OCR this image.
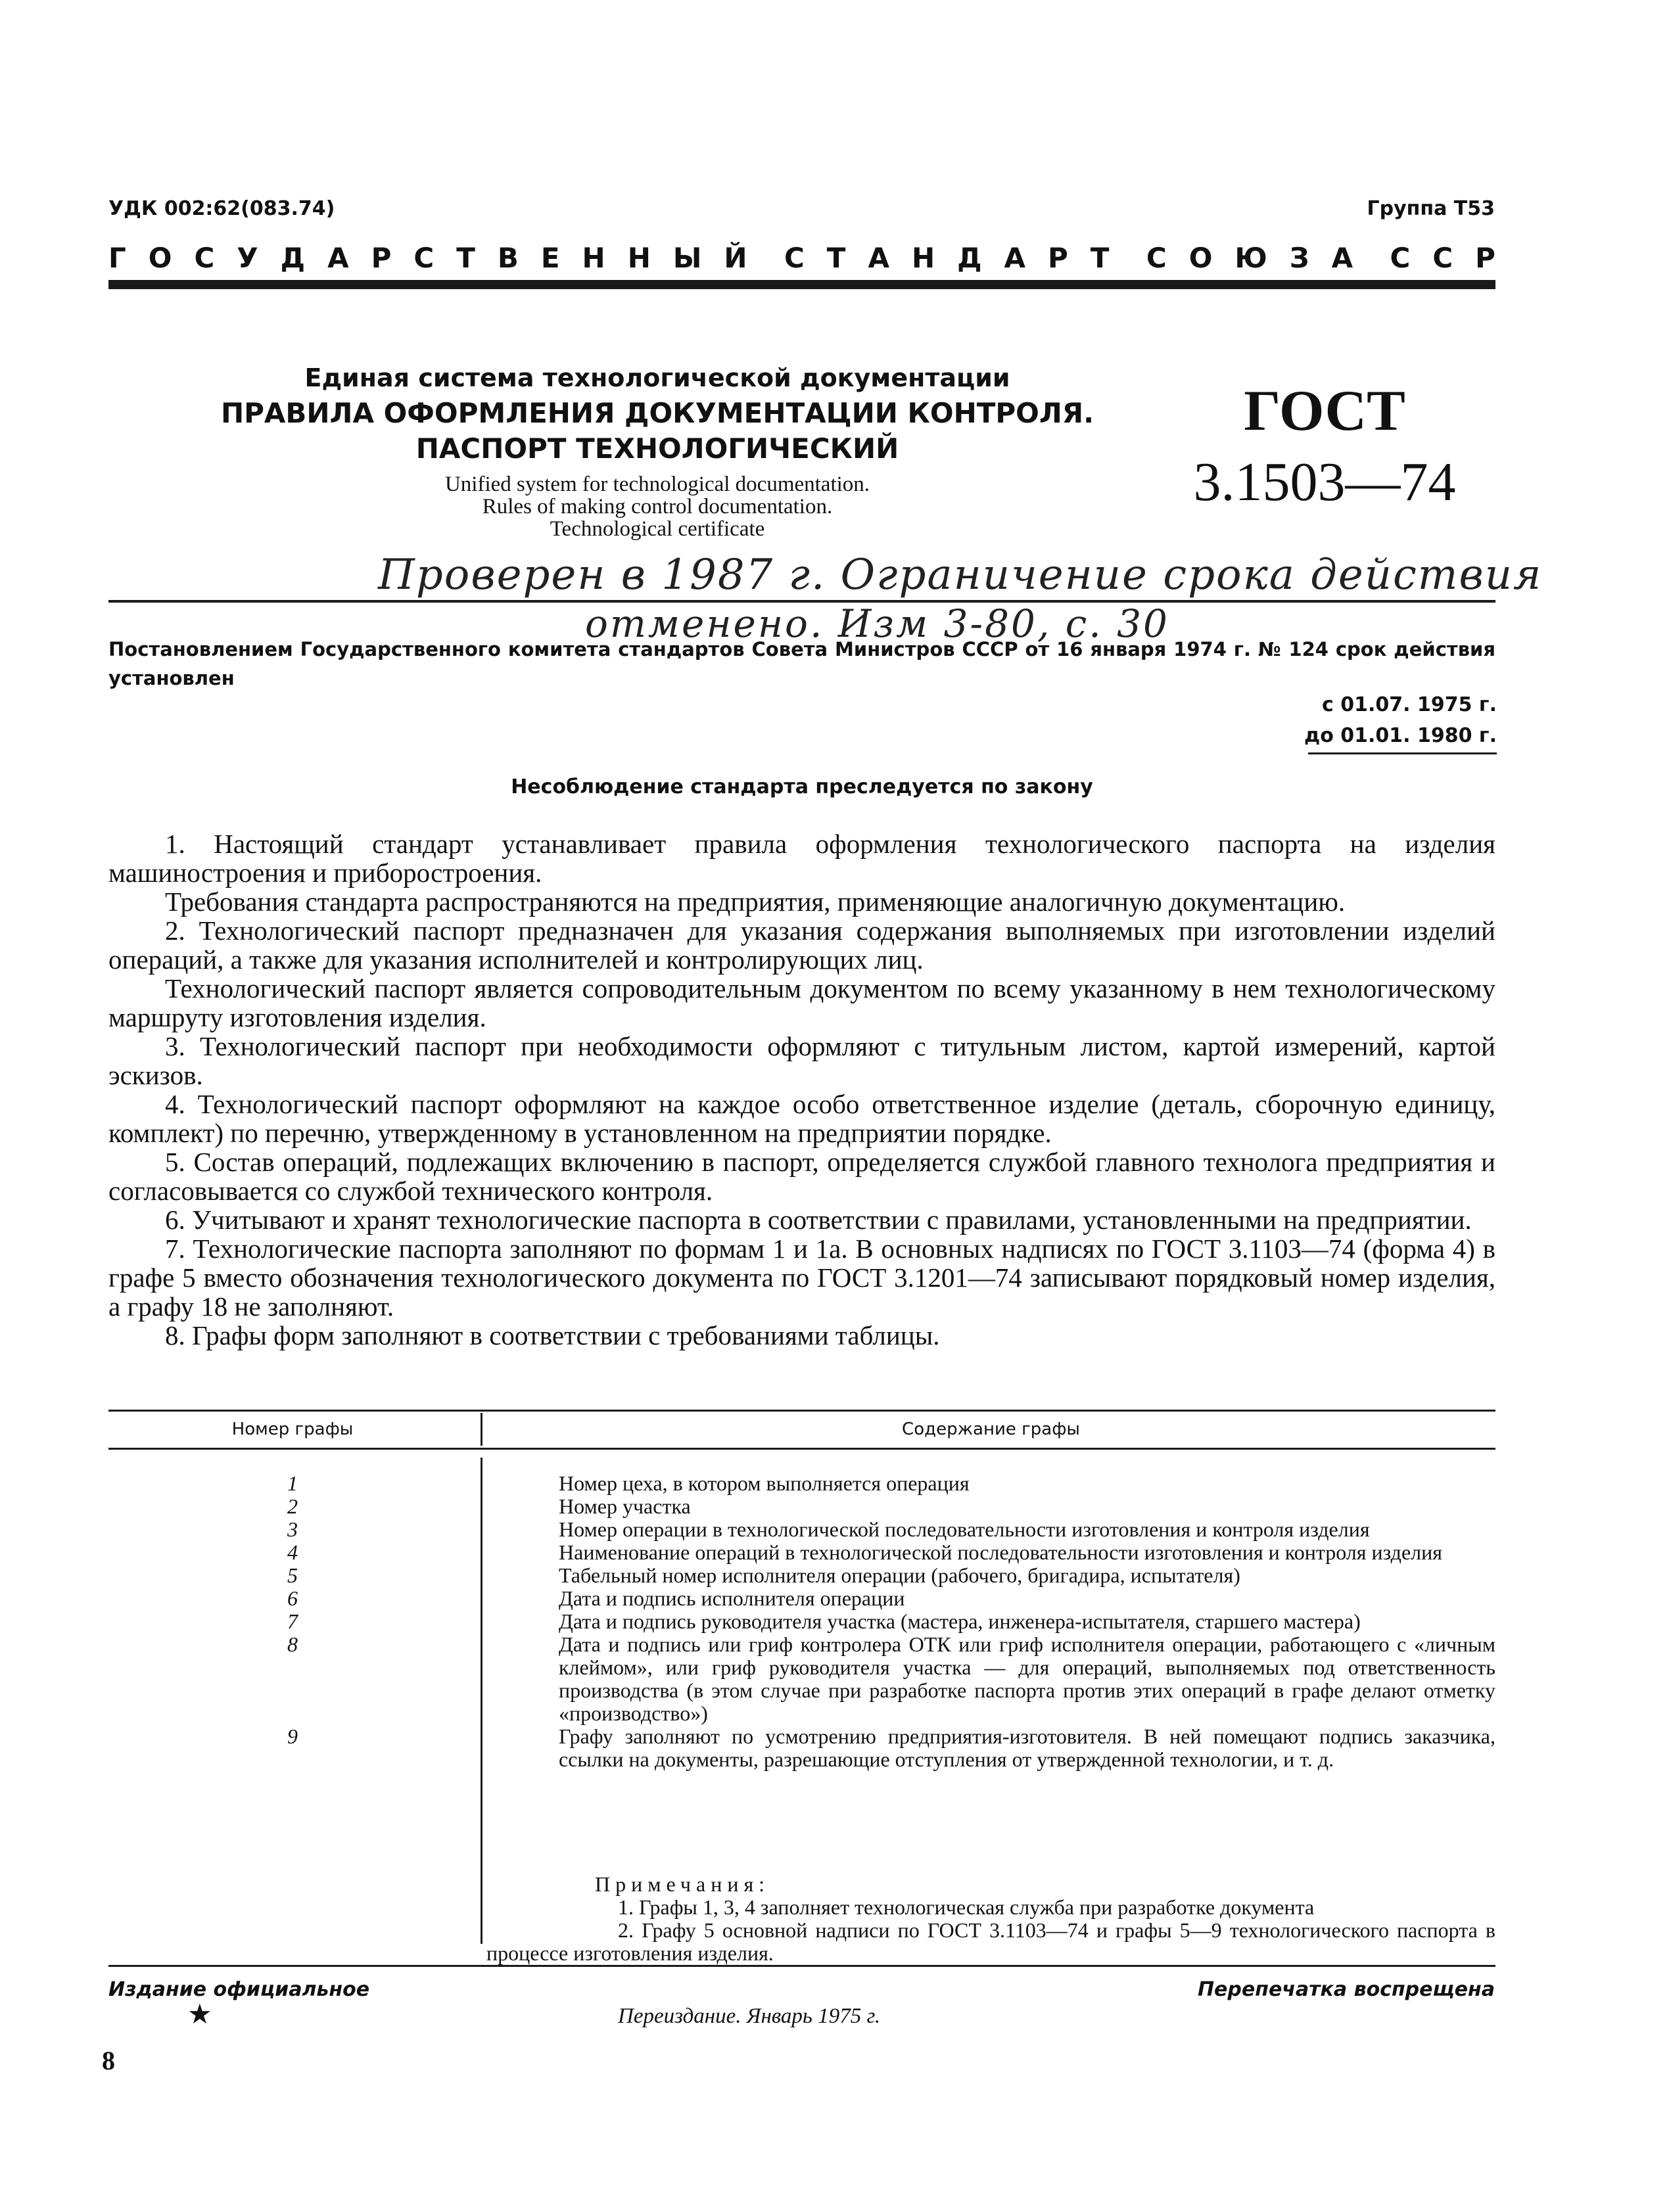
УДК 002:62(083.74)	Группа Т53
ГОСУДАРСТВЕННЫЙ СТАНДАРТ СОЮЗА ССР
Единая система технологической документации
ПРАВИЛА ОФОРМЛЕНИЯ ДОКУМЕНТАЦИИ КОНТРОЛЯ.
ПАСПОРТ ТЕХНОЛОГИЧЕСКИЙ
Unified system for technological documentation.
Rules of making control documentation.
Technological certificate
ГОСТ
3.1503—74
Проверен в 1987 г. Ограничение срока действия
отменено. Изм 3-80, с. 30
Постановлением Государственного комитета стандартов Совета Министров СССР от 16 января 1974 г. № 124 срок действия установлен
с 01.07. 1975 г.
до 01.01. 1980 г.
Несоблюдение стандарта преследуется по закону

1. Настоящий стандарт устанавливает правила оформления технологического паспорта на изделия машиностроения и приборостроения.

Требования стандарта распространяются на предприятия, применяющие аналогичную документацию.

2. Технологический паспорт предназначен для указания содержания выполняемых при изготовлении изделий операций, а также для указания исполнителей и контролирующих лиц.

Технологический паспорт является сопроводительным документом по всему указанному в нем технологическому маршруту изготовления изделия.

3. Технологический паспорт при необходимости оформляют с титульным листом, картой измерений, картой эскизов.

4. Технологический паспорт оформляют на каждое особо ответственное изделие (деталь, сборочную единицу, комплект) по перечню, утвержденному в установленном на предприятии порядке.

5. Состав операций, подлежащих включению в паспорт, определяется службой главного технолога предприятия и согласовывается со службой технического контроля.

6. Учитывают и хранят технологические паспорта в соответствии с правилами, установленными на предприятии.

7. Технологические паспорта заполняют по формам 1 и 1а. В основных надписях по ГОСТ 3.1103—74 (форма 4) в графе 5 вместо обозначения технологического документа по ГОСТ 3.1201—74 записывают порядковый номер изделия, а графу 18 не заполняют.

8. Графы форм заполняют в соответствии с требованиями таблицы.

Номер графы	Содержание графы
1	Номер цеха, в котором выполняется операция
2	Номер участка
3	Номер операции в технологической последовательности изготовления и контроля изделия
4	Наименование операций в технологической последовательности изготовления и контроля изделия
5	Табельный номер исполнителя операции (рабочего, бригадира, испытателя)
6	Дата и подпись исполнителя операции
7	Дата и подпись руководителя участка (мастера, инженера-испытателя, старшего мастера)
8	Дата и подпись или гриф контролера ОТК или гриф исполнителя операции, работающего с «личным клеймом», или гриф руководителя участка — для операций, выполняемых под ответственность производства (в этом случае при разработке паспорта против этих операций в графе делают отметку «производство»)
9	Графу заполняют по усмотрению предприятия-изготовителя. В ней помещают подпись заказчика, ссылки на документы, разрешающие отступления от утвержденной технологии, и т. д.
Примечания:
1. Графы 1, 3, 4 заполняет технологическая служба при разработке документа
2. Графу 5 основной надписи по ГОСТ 3.1103—74 и графы 5—9 технологического паспорта в процессе изготовления изделия.
Издание официальное	Перепечатка воспрещена
★	Переиздание. Январь 1975 г.
8
